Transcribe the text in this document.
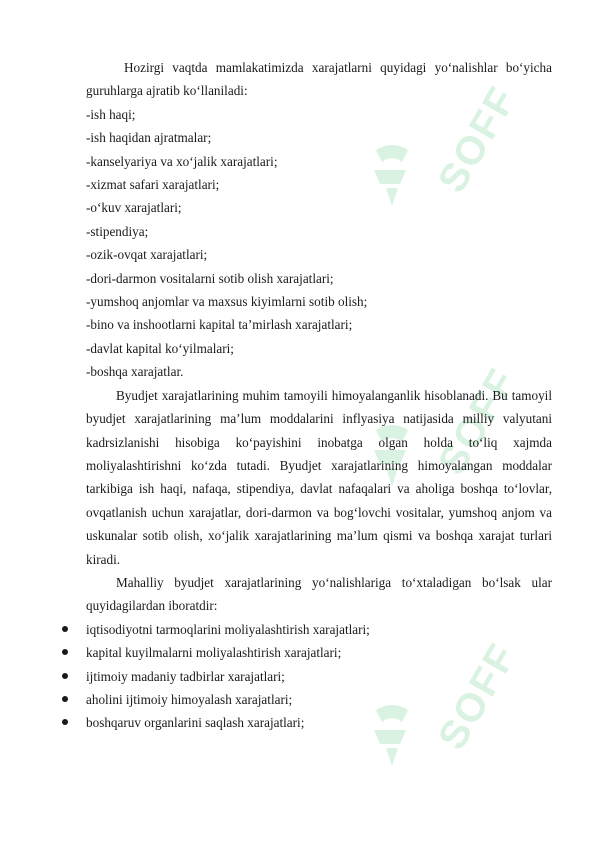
SOFF
SOFF
SOFF

Hozirgi vaqtda mamlakatimizda xarajatlarni quyidagi yo‘nalishlar bo‘yicha guruhlarga ajratib ko‘llaniladi:

-ish haqi;

-ish haqidan ajratmalar;

-kanselyariya va xo‘jalik xarajatlari;

-xizmat safari xarajatlari;

-o‘kuv xarajatlari;

-stipendiya;

-ozik-ovqat xarajatlari;

-dori-darmon vositalarni sotib olish xarajatlari;

-yumshoq anjomlar va maxsus kiyimlarni sotib olish;

-bino va inshootlarni kapital ta’mirlash xarajatlari;

-davlat kapital ko‘yilmalari;

-boshqa xarajatlar.

Byudjet xarajatlarining muhim tamoyili himoyalanganlik hisoblanadi. Bu tamoyil byudjet xarajatlarining ma’lum moddalarini inflyasiya natijasida milliy valyutani kadrsizlanishi hisobiga ko‘payishini inobatga olgan holda to‘liq xajmda moliyalashtirishni ko‘zda tutadi. Byudjet xarajatlarining himoyalangan moddalar tarkibiga ish haqi, nafaqa, stipendiya, davlat nafaqalari va aholiga boshqa to‘lovlar, ovqatlanish uchun xarajatlar, dori-darmon va bog‘lovchi vositalar, yumshoq anjom va uskunalar sotib olish, xo‘jalik xarajatlarining ma’lum qismi va boshqa xarajat turlari kiradi.

Mahalliy byudjet xarajatlarining yo‘nalishlariga to‘xtaladigan bo‘lsak ular quyidagilardan iboratdir:

iqtisodiyotni tarmoqlarini moliyalashtirish xarajatlari;
kapital kuyilmalarni moliyalashtirish xarajatlari;
ijtimoiy madaniy tadbirlar xarajatlari;
aholini ijtimoiy himoyalash xarajatlari;
boshqaruv organlarini saqlash xarajatlari;
